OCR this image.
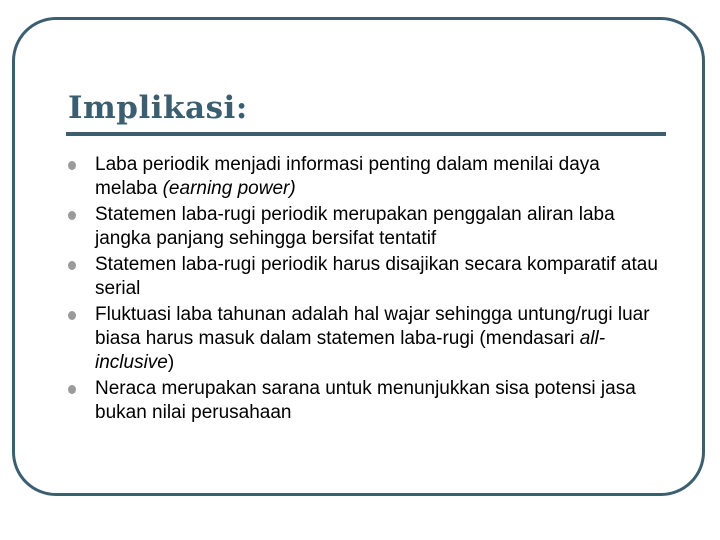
Implikasi:
Laba periodik menjadi informasi penting dalam menilai daya melaba (earning power)
Statemen laba-rugi periodik merupakan penggalan aliran laba jangka panjang sehingga bersifat tentatif
Statemen laba-rugi periodik harus disajikan secara komparatif atau serial
Fluktuasi laba tahunan adalah hal wajar sehingga untung/rugi luar biasa harus masuk dalam statemen laba-rugi (mendasari all-inclusive)
Neraca merupakan sarana untuk menunjukkan sisa potensi jasa bukan nilai perusahaan
